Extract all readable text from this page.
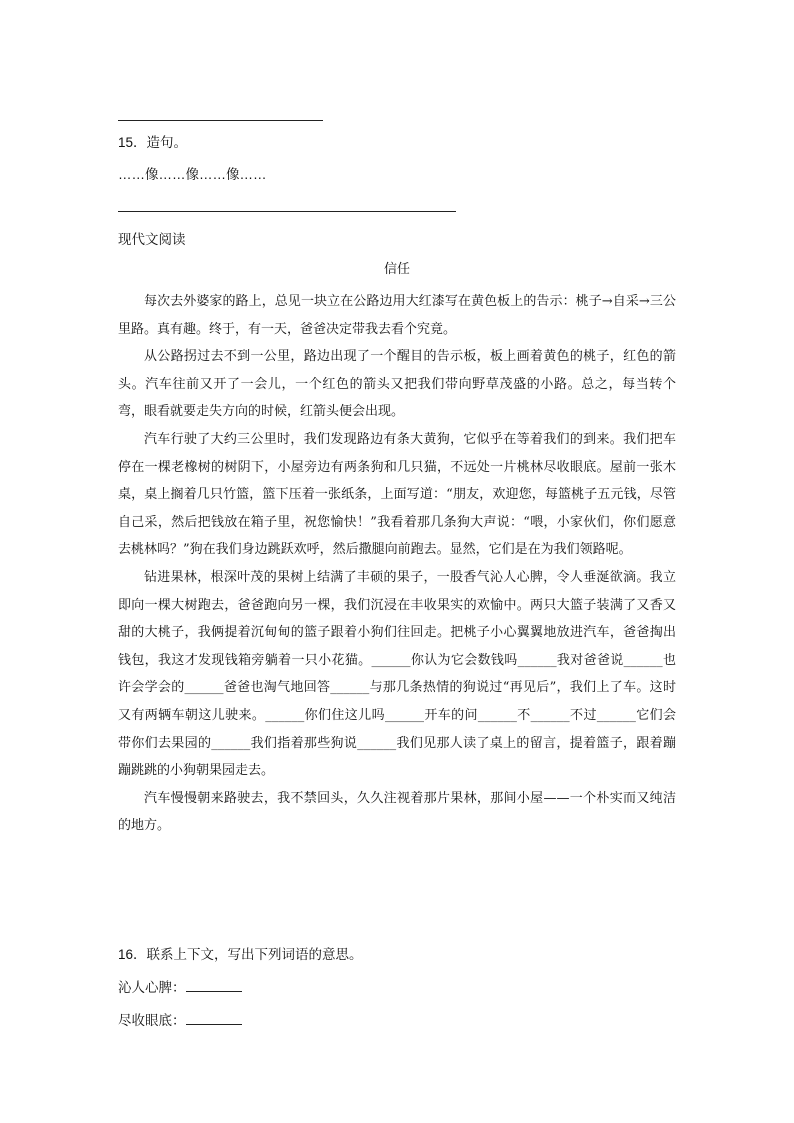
15．造句。
……像……像……像……
现代文阅读
信任

每次去外婆家的路上，总见一块立在公路边用大红漆写在黄色板上的告示：桃子→自采→三公里路。真有趣。终于，有一天，爸爸决定带我去看个究竟。

从公路拐过去不到一公里，路边出现了一个醒目的告示板，板上画着黄色的桃子，红色的箭头。汽车往前又开了一会儿，一个红色的箭头又把我们带向野草茂盛的小路。总之，每当转个弯，眼看就要走失方向的时候，红箭头便会出现。

汽车行驶了大约三公里时，我们发现路边有条大黄狗，它似乎在等着我们的到来。我们把车停在一棵老橡树的树阴下，小屋旁边有两条狗和几只猫，不远处一片桃林尽收眼底。屋前一张木桌，桌上搁着几只竹篮，篮下压着一张纸条，上面写道：“朋友，欢迎您，每篮桃子五元钱，尽管自己采，然后把钱放在箱子里，祝您愉快！”我看着那几条狗大声说：“喂，小家伙们，你们愿意去桃林吗？”狗在我们身边跳跃欢呼，然后撒腿向前跑去。显然，它们是在为我们领路呢。

钻进果林，根深叶茂的果树上结满了丰硕的果子，一股香气沁人心脾，令人垂涎欲滴。我立即向一棵大树跑去，爸爸跑向另一棵，我们沉浸在丰收果实的欢愉中。两只大篮子装满了又香又甜的大桃子，我俩提着沉甸甸的篮子跟着小狗们往回走。把桃子小心翼翼地放进汽车，爸爸掏出钱包，我这才发现钱箱旁躺着一只小花猫。______你认为它会数钱吗______我对爸爸说______也许会学会的______爸爸也淘气地回答______与那几条热情的狗说过“再见后”，我们上了车。这时又有两辆车朝这儿驶来。______你们住这儿吗______开车的问______不______不过______它们会带你们去果园的______我们指着那些狗说______我们见那人读了桌上的留言，提着篮子，跟着蹦蹦跳跳的小狗朝果园走去。

汽车慢慢朝来路驶去，我不禁回头，久久注视着那片果林，那间小屋——一个朴实而又纯洁的地方。

16．联系上下文，写出下列词语的意思。
沁人心脾：
尽收眼底：
